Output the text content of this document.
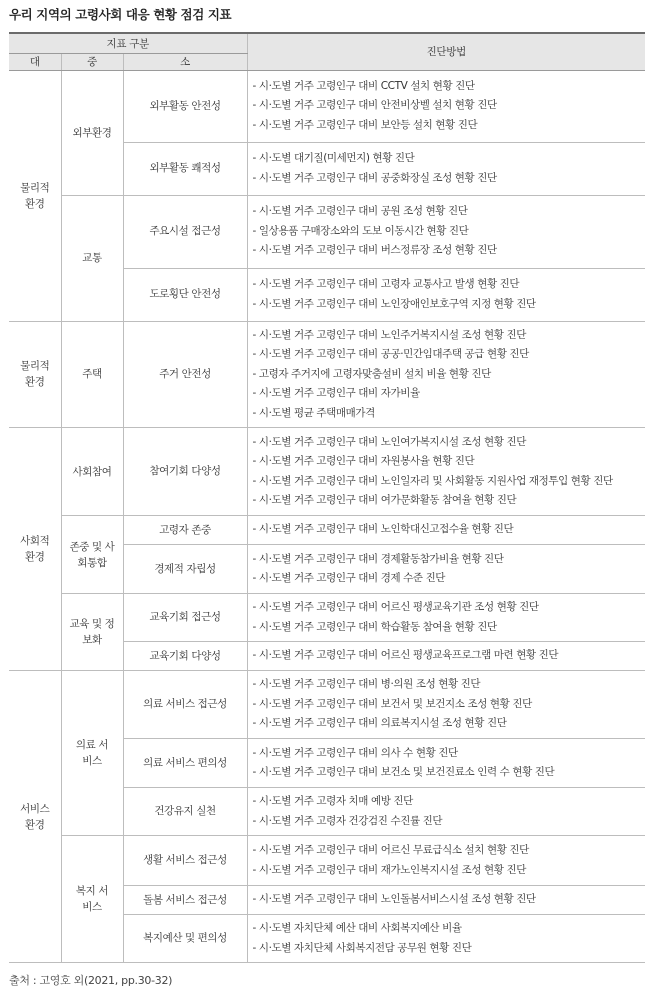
우리 지역의 고령사회 대응 현황 점검 지표
지표 구분			진단방법
대	중	소	
물리적 환경	외부환경	외부활동 안전성	- 시·도별 거주 고령인구 대비 CCTV 설치 현황 진단
- 시·도별 거주 고령인구 대비 안전비상벨 설치 현황 진단
- 시·도별 거주 고령인구 대비 보안등 설치 현황 진단

		외부활동 쾌적성	- 시·도별 대기질(미세먼지) 현황 진단
- 시·도별 거주 고령인구 대비 공중화장실 조성 현황 진단

	교통	주요시설 접근성	- 시·도별 거주 고령인구 대비 공원 조성 현황 진단
- 일상용품 구매장소와의 도보 이동시간 현황 진단
- 시·도별 거주 고령인구 대비 버스정류장 조성 현황 진단

		도로횡단 안전성	- 시·도별 거주 고령인구 대비 고령자 교통사고 발생 현황 진단
- 시·도별 거주 고령인구 대비 노인장애인보호구역 지정 현황 진단

물리적 환경	주택	주거 안전성	- 시·도별 거주 고령인구 대비 노인주거복지시설 조성 현황 진단
- 시·도별 거주 고령인구 대비 공공·민간임대주택 공급 현황 진단
- 고령자 주거지에 고령자맞춤설비 설치 비율 현황 진단
- 시·도별 거주 고령인구 대비 자가비율
- 시·도별 평균 주택매매가격

사회적 환경	사회참여	참여기회 다양성	- 시·도별 거주 고령인구 대비 노인여가복지시설 조성 현황 진단
- 시·도별 거주 고령인구 대비 자원봉사율 현황 진단
- 시·도별 거주 고령인구 대비 노인일자리 및 사회활동 지원사업 재정투입 현황 진단
- 시·도별 거주 고령인구 대비 여가문화활동 참여율 현황 진단

	존중 및 사회통합	고령자 존중	- 시·도별 거주 고령인구 대비 노인학대신고접수율 현황 진단

		경제적 자립성	- 시·도별 거주 고령인구 대비 경제활동참가비율 현황 진단
- 시·도별 거주 고령인구 대비 경제 수준 진단

	교육 및 정보화	교육기회 접근성	- 시·도별 거주 고령인구 대비 어르신 평생교육기관 조성 현황 진단
- 시·도별 거주 고령인구 대비 학습활동 참여율 현황 진단

		교육기회 다양성	- 시·도별 거주 고령인구 대비 어르신 평생교육프로그램 마련 현황 진단

서비스 환경	의료 서비스	의료 서비스 접근성	- 시·도별 거주 고령인구 대비 병·의원 조성 현황 진단
- 시·도별 거주 고령인구 대비 보건서 및 보건지소 조성 현황 진단
- 시·도별 거주 고령인구 대비 의료복지시설 조성 현황 진단

		의료 서비스 편의성	- 시·도별 거주 고령인구 대비 의사 수 현황 진단
- 시·도별 거주 고령인구 대비 보건소 및 보건진료소 인력 수 현황 진단

		건강유지 실천	- 시·도별 거주 고령자 치매 예방 진단
- 시·도별 거주 고령자 건강검진 수진률 진단

	복지 서비스	생활 서비스 접근성	- 시·도별 거주 고령인구 대비 어르신 무료급식소 설치 현황 진단
- 시·도별 거주 고령인구 대비 재가노인복지시설 조성 현황 진단

		돌봄 서비스 접근성	- 시·도별 거주 고령인구 대비 노인돌봄서비스시설 조성 현황 진단

		복지예산 및 편의성	- 시·도별 자치단체 예산 대비 사회복지예산 비율
- 시·도별 자치단체 사회복지전담 공무원 현황 진단
출처 : 고영호 외(2021, pp.30-32)
